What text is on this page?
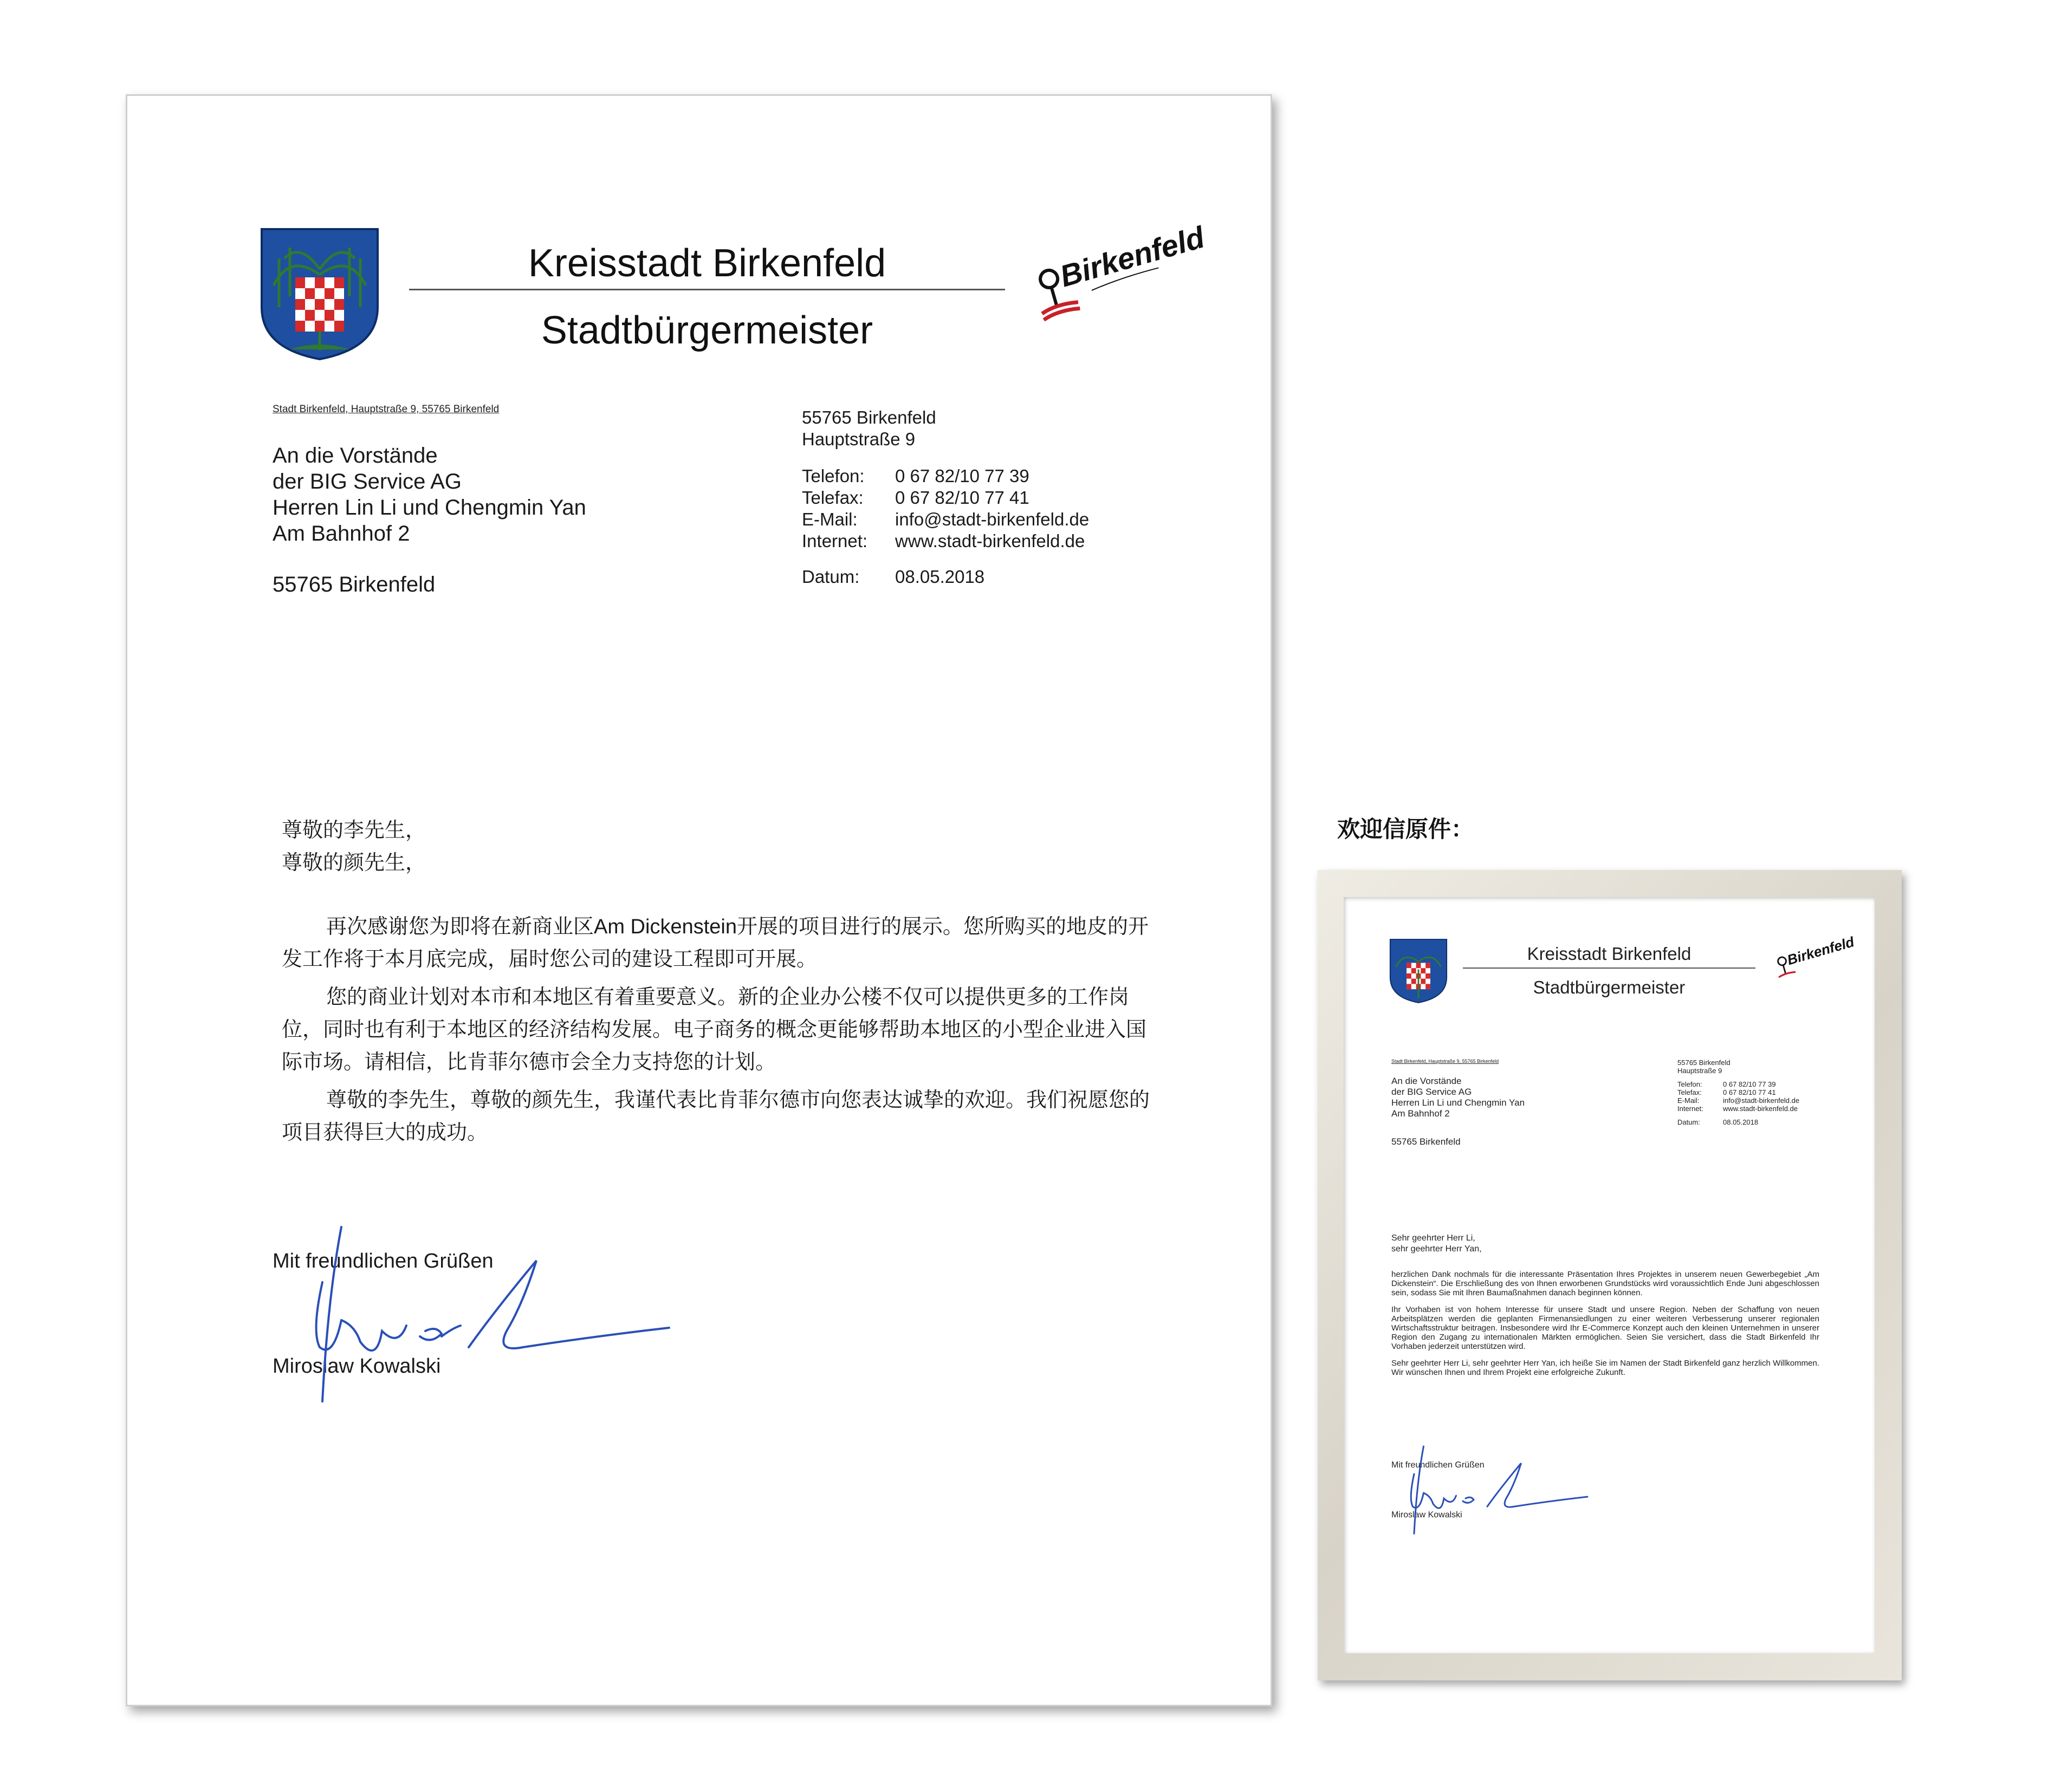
Kreisstadt Birkenfeld
Stadtbürgermeister
Birkenfeld
Stadt Birkenfeld, Hauptstraße 9, 55765 Birkenfeld
An die Vorstände
der BIG Service AG
Herren Lin Li und Chengmin Yan
Am Bahnhof 2
55765 Birkenfeld
55765 Birkenfeld
Hauptstraße 9
Telefon:	0 67 82/10 77 39
Telefax:	0 67 82/10 77 41
E-Mail:	info@stadt-birkenfeld.de
Internet:	www.stadt-birkenfeld.de
Datum:	08.05.2018
尊敬的李先生，
尊敬的颜先生，

再次感谢您为即将在新商业区Am Dickenstein开展的项目进行的展示。您所购买的地皮的开发工作将于本月底完成，届时您公司的建设工程即可开展。

您的商业计划对本市和本地区有着重要意义。新的企业办公楼不仅可以提供更多的工作岗位，同时也有利于本地区的经济结构发展。电子商务的概念更能够帮助本地区的小型企业进入国际市场。请相信，比肯菲尔德市会全力支持您的计划。

尊敬的李先生，尊敬的颜先生，我谨代表比肯菲尔德市向您表达诚挚的欢迎。我们祝愿您的项目获得巨大的成功。

Mit freundlichen Grüßen
Miroslaw Kowalski
欢迎信原件：
Kreisstadt Birkenfeld
Stadtbürgermeister
Birkenfeld
Stadt Birkenfeld, Hauptstraße 9, 55765 Birkenfeld
An die Vorstände
der BIG Service AG
Herren Lin Li und Chengmin Yan
Am Bahnhof 2
55765 Birkenfeld
55765 Birkenfeld
Hauptstraße 9
Telefon:	0 67 82/10 77 39
Telefax:	0 67 82/10 77 41
E-Mail:	info@stadt-birkenfeld.de
Internet:	www.stadt-birkenfeld.de
Datum:	08.05.2018
Sehr geehrter Herr Li,
sehr geehrter Herr Yan,

herzlichen Dank nochmals für die interessante Präsentation Ihres Projektes in unserem neuen Gewerbegebiet „Am Dickenstein“. Die Erschließung des von Ihnen erworbenen Grundstücks wird voraussichtlich Ende Juni abgeschlossen sein, sodass Sie mit Ihren Baumaßnahmen danach beginnen können.

Ihr Vorhaben ist von hohem Interesse für unsere Stadt und unsere Region. Neben der Schaffung von neuen Arbeitsplätzen werden die geplanten Firmenansiedlungen zu einer weiteren Verbesserung unserer regionalen Wirtschaftsstruktur beitragen. Insbesondere wird Ihr E-Commerce Konzept auch den kleinen Unternehmen in unserer Region den Zugang zu internationalen Märkten ermöglichen. Seien Sie versichert, dass die Stadt Birkenfeld Ihr Vorhaben jederzeit unterstützen wird.

Sehr geehrter Herr Li, sehr geehrter Herr Yan, ich heiße Sie im Namen der Stadt Birkenfeld ganz herzlich Willkommen. Wir wünschen Ihnen und Ihrem Projekt eine erfolgreiche Zukunft.

Mit freundlichen Grüßen
Miroslaw Kowalski
